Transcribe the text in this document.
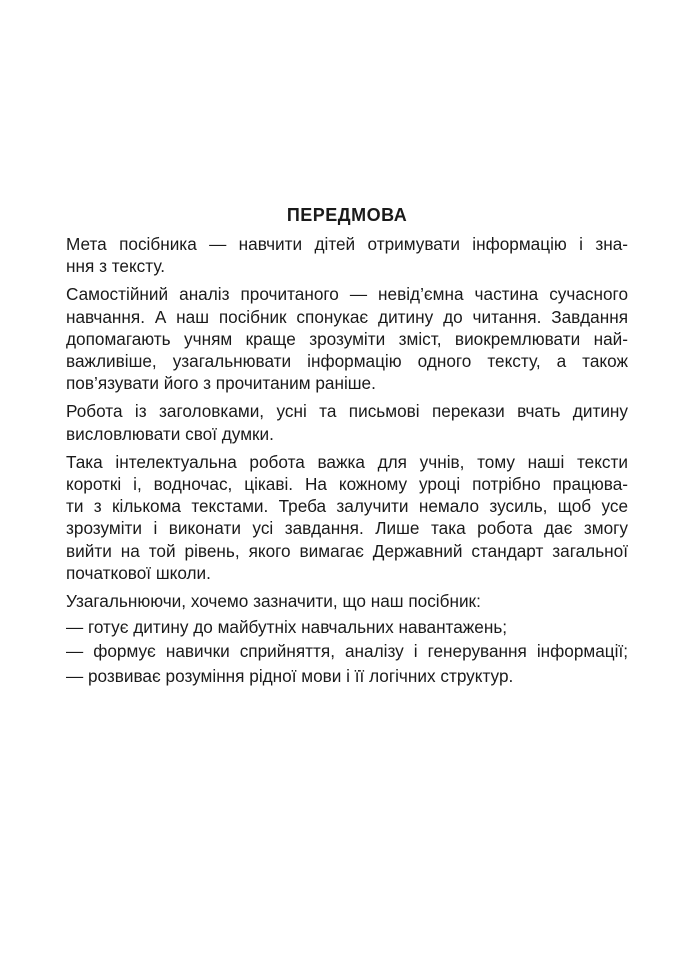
ПЕРЕДМОВА
Мета посібника — навчити дітей отримувати інформацію і зна-
ння з тексту.
Самостійний аналіз прочитаного — невід’ємна частина сучасного
навчання. А наш посібник спонукає дитину до читання. Завдання
допомагають учням краще зрозуміти зміст, виокремлювати най-
важливіше, узагальнювати інформацію одного тексту, а також
пов’язувати його з прочитаним раніше.
Робота із заголовками, усні та письмові перекази вчать дитину
висловлювати свої думки.
Така інтелектуальна робота важка для учнів, тому наші тексти
короткі і, водночас, цікаві. На кожному уроці потрібно працюва-
ти з кількома текстами. Треба залучити немало зусиль, щоб усе
зрозуміти і виконати усі завдання. Лише така робота дає змогу
вийти на той рівень, якого вимагає Державний стандарт загальної
початкової школи.
Узагальнюючи, хочемо зазначити, що наш посібник:
— готує дитину до майбутніх навчальних навантажень;
— формує навички сприйняття, аналізу і генерування інформації;
— розвиває розуміння рідної мови і її логічних структур.
